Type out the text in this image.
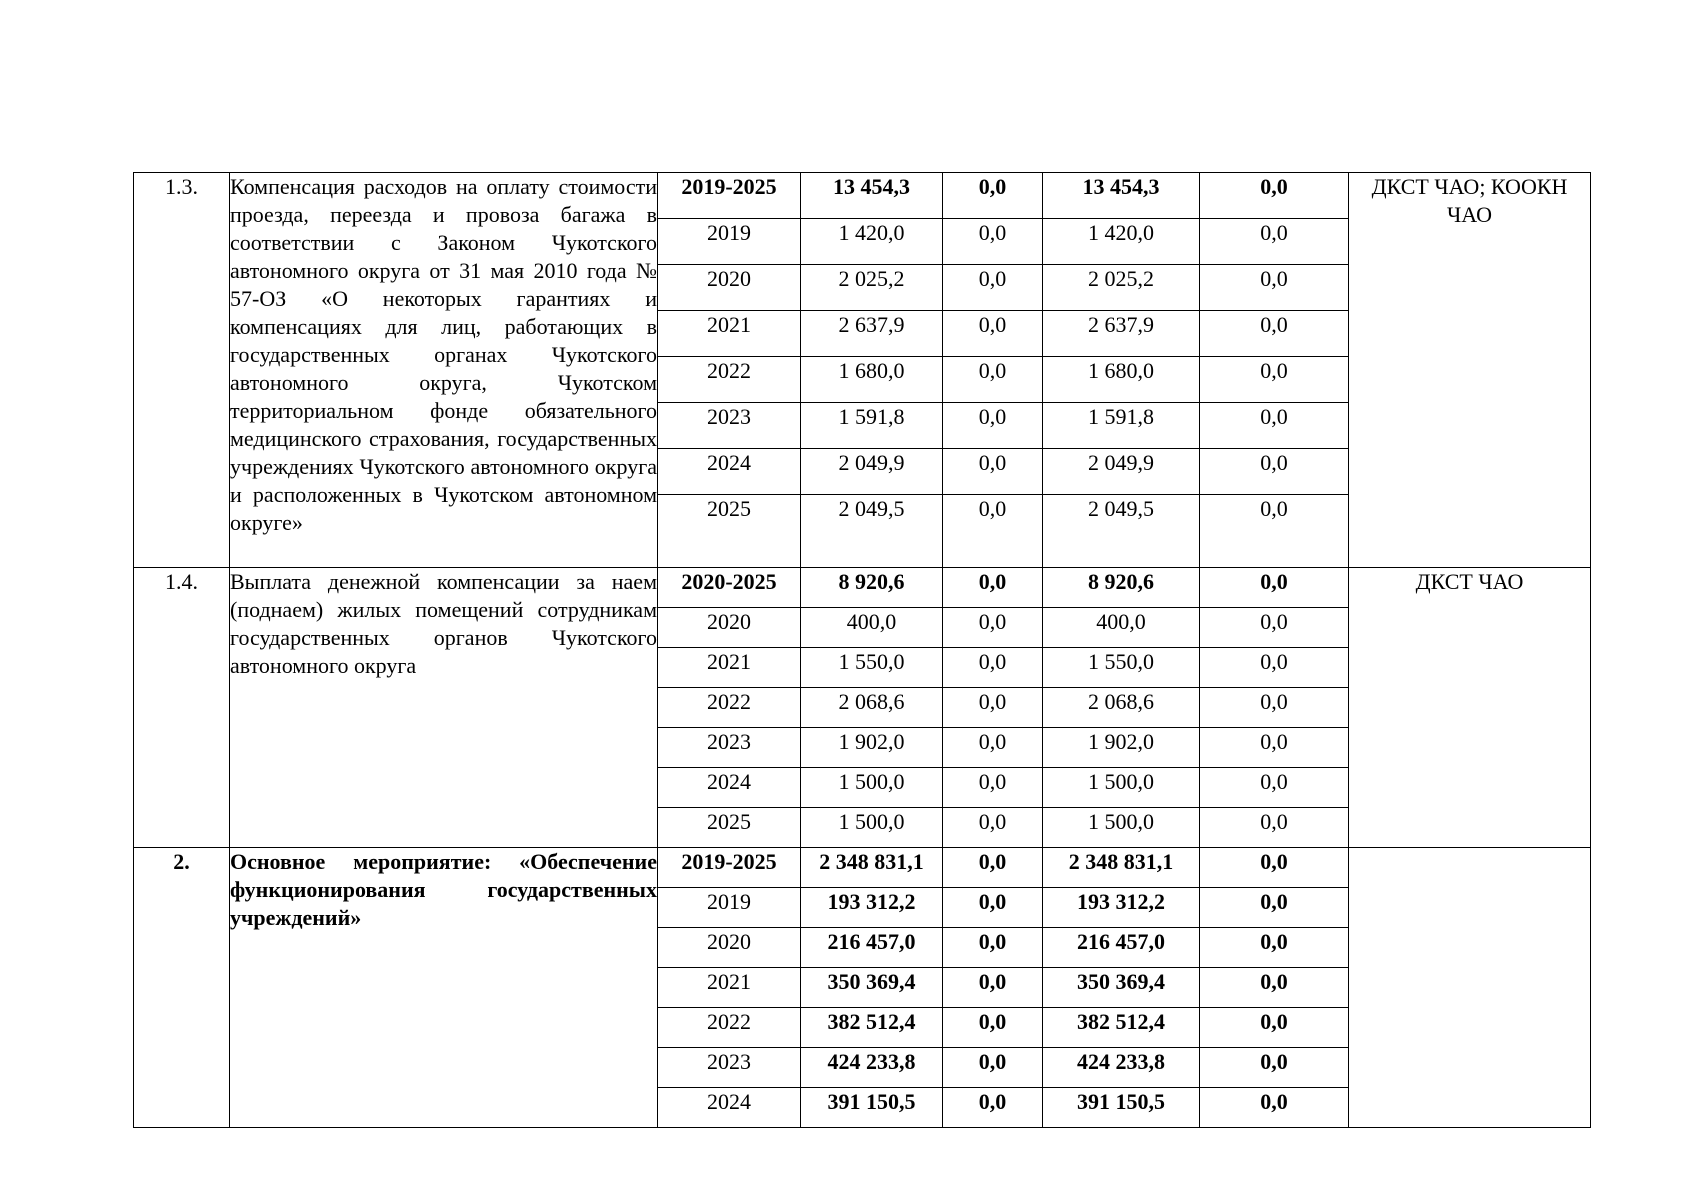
1.3.	Компенсация расходов на оплату стоимости проезда, переезда и провоза багажа в соответствии с Законом Чукотского автономного округа от 31 мая 2010 года № 57-ОЗ «О некоторых гарантиях и компенсациях для лиц, работающих в государственных органах Чукотского автономного округа, Чукотском территориальном фонде обязательного медицинского страхования, государственных учреждениях Чукотского автономного округа и расположенных в Чукотском автономном округе»	2019-2025	13 454,3	0,0	13 454,3	0,0	ДКСТ ЧАО; КООКН ЧАО
		2019	1 420,0	0,0	1 420,0	0,0	
		2020	2 025,2	0,0	2 025,2	0,0	
		2021	2 637,9	0,0	2 637,9	0,0	
		2022	1 680,0	0,0	1 680,0	0,0	
		2023	1 591,8	0,0	1 591,8	0,0	
		2024	2 049,9	0,0	2 049,9	0,0	
		2025	2 049,5	0,0	2 049,5	0,0	
1.4.	Выплата денежной компенсации за наем (поднаем) жилых помещений сотрудникам государственных органов Чукотского автономного округа	2020-2025	8 920,6	0,0	8 920,6	0,0	ДКСТ ЧАО
		2020	400,0	0,0	400,0	0,0	
		2021	1 550,0	0,0	1 550,0	0,0	
		2022	2 068,6	0,0	2 068,6	0,0	
		2023	1 902,0	0,0	1 902,0	0,0	
		2024	1 500,0	0,0	1 500,0	0,0	
		2025	1 500,0	0,0	1 500,0	0,0	
2.	Основное мероприятие: «Обеспечение функционирования государственных учреждений»	2019-2025	2 348 831,1	0,0	2 348 831,1	0,0	
		2019	193 312,2	0,0	193 312,2	0,0	
		2020	216 457,0	0,0	216 457,0	0,0	
		2021	350 369,4	0,0	350 369,4	0,0	
		2022	382 512,4	0,0	382 512,4	0,0	
		2023	424 233,8	0,0	424 233,8	0,0	
		2024	391 150,5	0,0	391 150,5	0,0	
